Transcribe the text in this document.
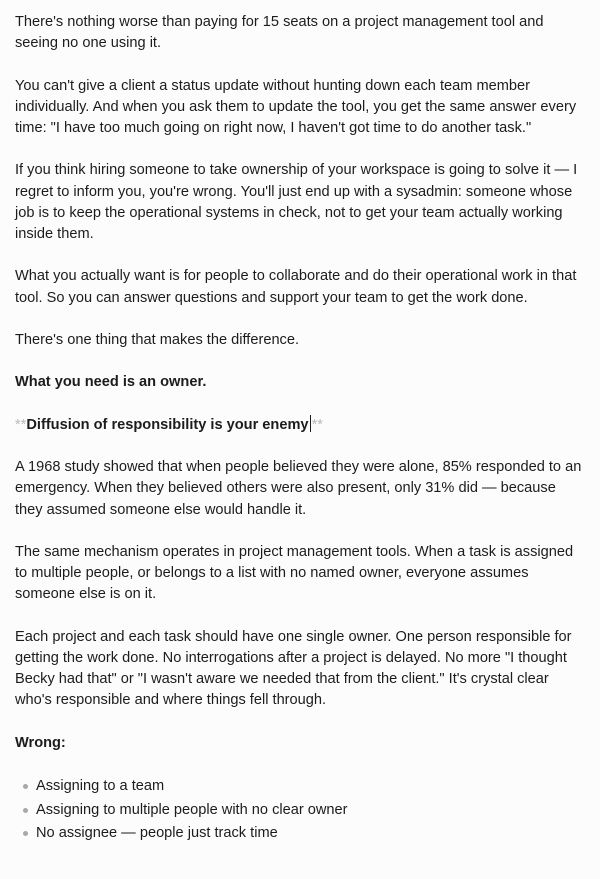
There's nothing worse than paying for 15 seats on a project management tool and seeing no one using it.

You can't give a client a status update without hunting down each team member individually. And when you ask them to update the tool, you get the same answer every time: "I have too much going on right now, I haven't got time to do another task."

If you think hiring someone to take ownership of your workspace is going to solve it — I regret to inform you, you're wrong. You'll just end up with a sysadmin: someone whose job is to keep the operational systems in check, not to get your team actually working inside them.

What you actually want is for people to collaborate and do their operational work in that tool. So you can answer questions and support your team to get the work done.

There's one thing that makes the difference.

What you need is an owner.

**Diffusion of responsibility is your enemy **

A 1968 study showed that when people believed they were alone, 85% responded to an emergency. When they believed others were also present, only 31% did — because they assumed someone else would handle it.

The same mechanism operates in project management tools. When a task is assigned to multiple people, or belongs to a list with no named owner, everyone assumes someone else is on it.

Each project and each task should have one single owner. One person responsible for getting the work done. No interrogations after a project is delayed. No more "I thought Becky had that" or "I wasn't aware we needed that from the client." It's crystal clear who's responsible and where things fell through.

Wrong:

Assigning to a team
Assigning to multiple people with no clear owner
No assignee — people just track time
